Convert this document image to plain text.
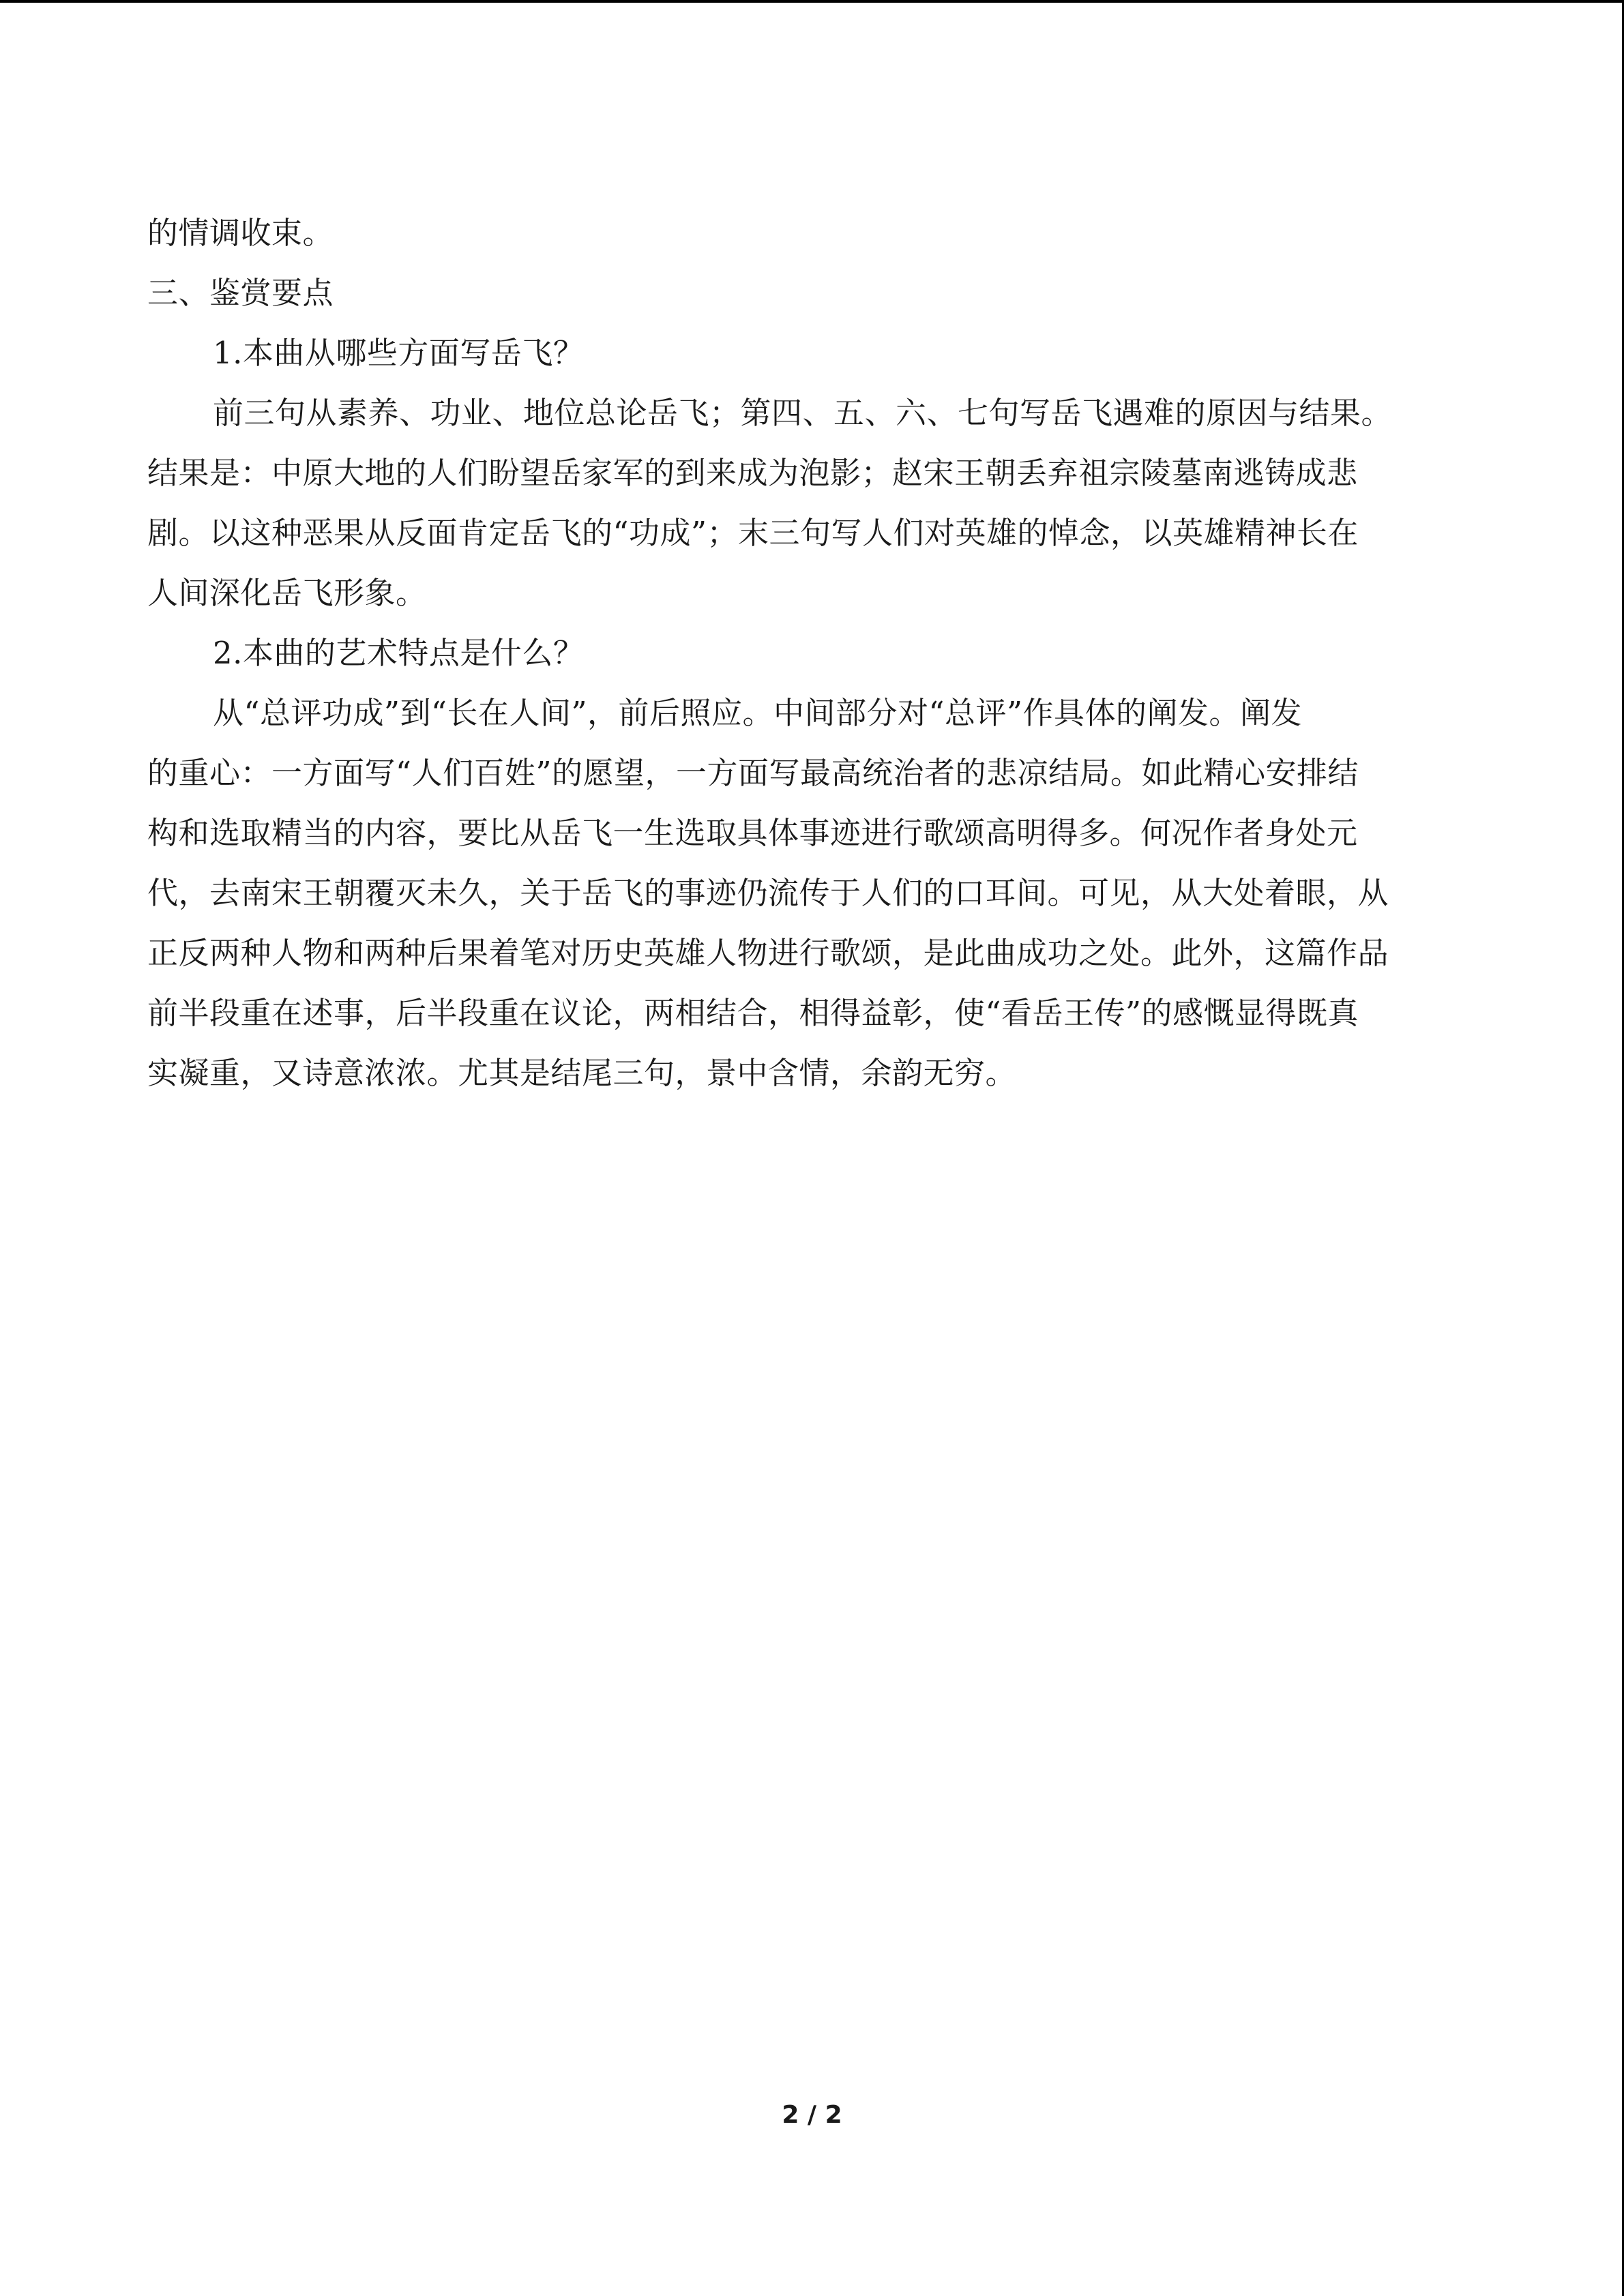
的情调收束。
三、鉴赏要点
1.本曲从哪些方面写岳飞？
前三句从素养、功业、地位总论岳飞；第四、五、六、七句写岳飞遇难的原因与结果。
结果是：中原大地的人们盼望岳家军的到来成为泡影；赵宋王朝丢弃祖宗陵墓南逃铸成悲
剧。以这种恶果从反面肯定岳飞的“功成”；末三句写人们对英雄的悼念，以英雄精神长在
人间深化岳飞形象。
2.本曲的艺术特点是什么？
从“总评功成”到“长在人间”，前后照应。中间部分对“总评”作具体的阐发。阐发
的重心：一方面写“人们百姓”的愿望，一方面写最高统治者的悲凉结局。如此精心安排结
构和选取精当的内容，要比从岳飞一生选取具体事迹进行歌颂高明得多。何况作者身处元
代，去南宋王朝覆灭未久，关于岳飞的事迹仍流传于人们的口耳间。可见，从大处着眼，从
正反两种人物和两种后果着笔对历史英雄人物进行歌颂，是此曲成功之处。此外，这篇作品
前半段重在述事，后半段重在议论，两相结合，相得益彰，使“看岳王传”的感慨显得既真
实凝重，又诗意浓浓。尤其是结尾三句，景中含情，余韵无穷。
2 / 2
